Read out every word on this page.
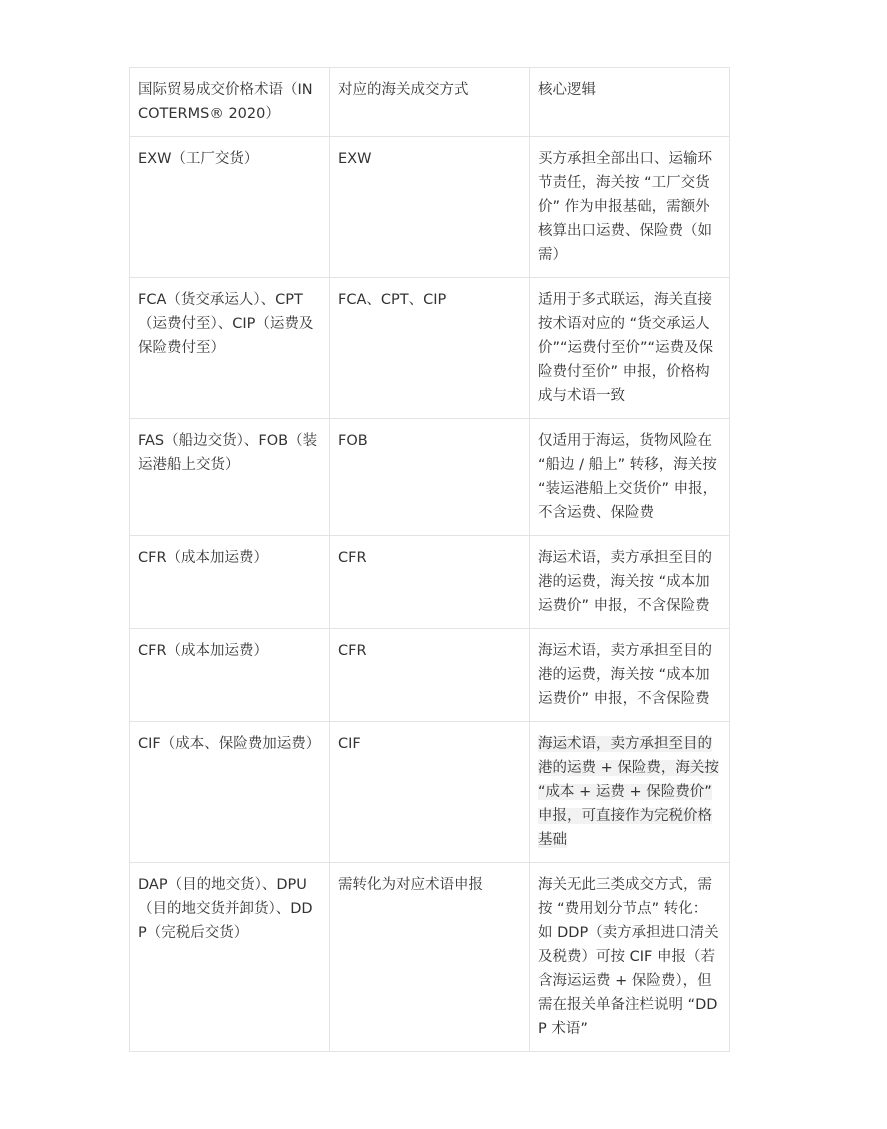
国际贸易成交价格术语（INCOTERMS® 2020）	对应的海关成交方式	核心逻辑
EXW（工厂交货）	EXW	买方承担全部出口、运输环节责任，海关按 “工厂交货价” 作为申报基础，需额外核算出口运费、保险费（如需）
FCA（货交承运人）、CPT（运费付至）、CIP（运费及保险费付至）	FCA、CPT、CIP	适用于多式联运，海关直接按术语对应的 “货交承运人价”“运费付至价”“运费及保险费付至价” 申报，价格构成与术语一致
FAS（船边交货）、FOB（装运港船上交货）	FOB	仅适用于海运，货物风险在 “船边 / 船上” 转移，海关按 “装运港船上交货价” 申报，不含运费、保险费
CFR（成本加运费）	CFR	海运术语，卖方承担至目的港的运费，海关按 “成本加运费价” 申报，不含保险费
CFR（成本加运费）	CFR	海运术语，卖方承担至目的港的运费，海关按 “成本加运费价” 申报，不含保险费
CIF（成本、保险费加运费）	CIF	海运术语，卖方承担至目的港的运费 + 保险费，海关按 “成本 + 运费 + 保险费价” 申报，可直接作为完税价格基础
DAP（目的地交货）、DPU（目的地交货并卸货）、DDP（完税后交货）	需转化为对应术语申报	海关无此三类成交方式，需按 “费用划分节点” 转化：如 DDP（卖方承担进口清关及税费）可按 CIF 申报（若含海运运费 + 保险费），但需在报关单备注栏说明 “DDP 术语”
